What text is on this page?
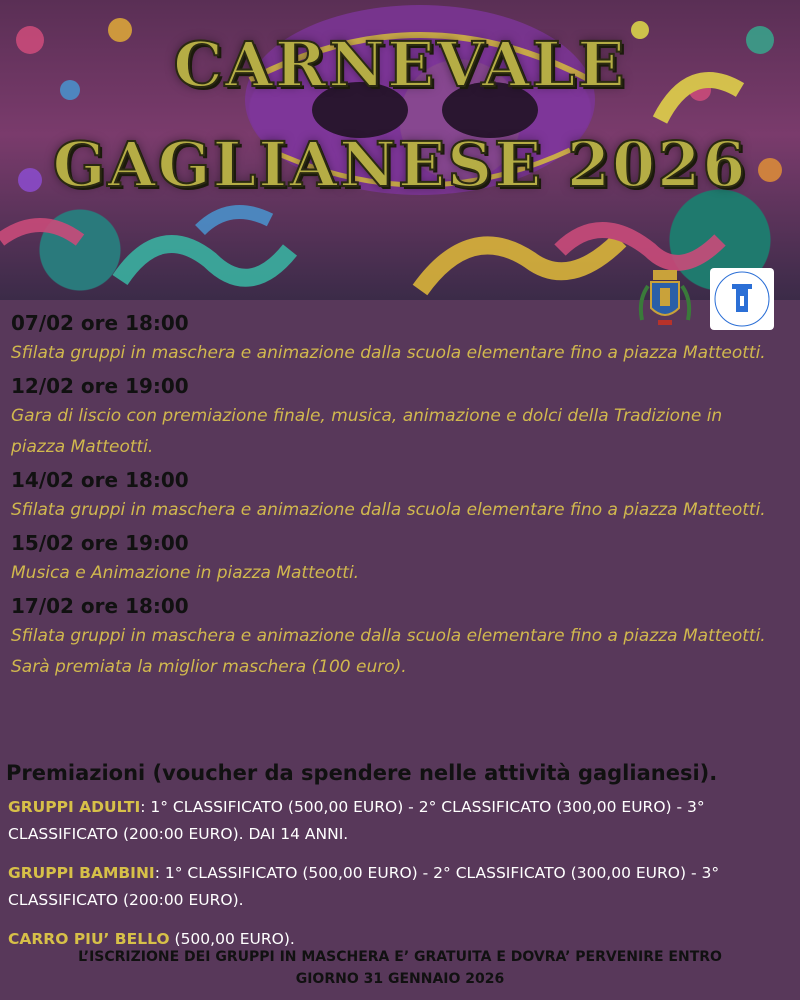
CARNEVALE
GAGLIANESE 2026

07/02 ore 18:00

Sfilata gruppi in maschera e animazione dalla scuola elementare fino a piazza Matteotti.

12/02 ore 19:00

Gara di liscio con premiazione finale, musica, animazione e dolci della Tradizione in piazza Matteotti.

14/02 ore 18:00

Sfilata gruppi in maschera e animazione dalla scuola elementare fino a piazza Matteotti.

15/02 ore 19:00

Musica e Animazione in piazza Matteotti.

17/02 ore 18:00

Sfilata gruppi in maschera e animazione dalla scuola elementare fino a piazza Matteotti. Sarà premiata la miglior maschera (100 euro).

Premiazioni (voucher da spendere nelle attività gaglianesi).

GRUPPI ADULTI: 1° CLASSIFICATO (500,00 EURO) - 2° CLASSIFICATO (300,00 EURO) - 3° CLASSIFICATO (200:00 EURO). DAI 14 ANNI.

GRUPPI BAMBINI: 1° CLASSIFICATO (500,00 EURO) - 2° CLASSIFICATO (300,00 EURO) - 3° CLASSIFICATO (200:00 EURO).

CARRO PIU’ BELLO (500,00 EURO).

L’ISCRIZIONE DEI GRUPPI IN MASCHERA E’ GRATUITA E DOVRA’ PERVENIRE ENTRO
GIORNO 31 GENNAIO 2026
